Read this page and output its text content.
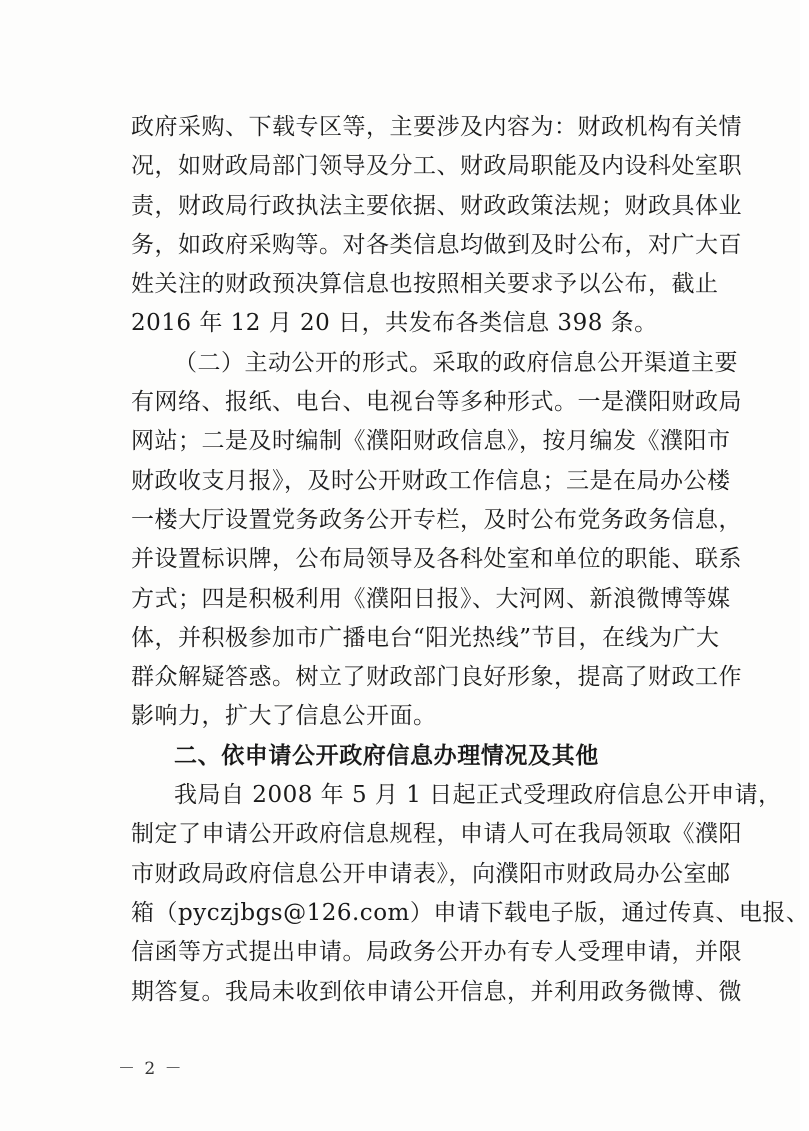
政府采购、下载专区等，主要涉及内容为：财政机构有关情
况，如财政局部门领导及分工、财政局职能及内设科处室职
责，财政局行政执法主要依据、财政政策法规；财政具体业
务，如政府采购等。对各类信息均做到及时公布，对广大百
姓关注的财政预决算信息也按照相关要求予以公布，截止
2016 年 12 月 20 日，共发布各类信息 398 条。
（二）主动公开的形式。采取的政府信息公开渠道主要
有网络、报纸、电台、电视台等多种形式。一是濮阳财政局
网站；二是及时编制《濮阳财政信息》，按月编发《濮阳市
财政收支月报》，及时公开财政工作信息；三是在局办公楼
一楼大厅设置党务政务公开专栏，及时公布党务政务信息，
并设置标识牌，公布局领导及各科处室和单位的职能、联系
方式；四是积极利用《濮阳日报》、大河网、新浪微博等媒
体，并积极参加市广播电台“阳光热线”节目，在线为广大
群众解疑答惑。树立了财政部门良好形象，提高了财政工作
影响力，扩大了信息公开面。
二、依申请公开政府信息办理情况及其他
我局自 2008 年 5 月 1 日起正式受理政府信息公开申请，
制定了申请公开政府信息规程，申请人可在我局领取《濮阳
市财政局政府信息公开申请表》，向濮阳市财政局办公室邮
箱（pyczjbgs@126.com）申请下载电子版，通过传真、电报、
信函等方式提出申请。局政务公开办有专人受理申请，并限
期答复。我局未收到依申请公开信息，并利用政务微博、微
－ 2 －
